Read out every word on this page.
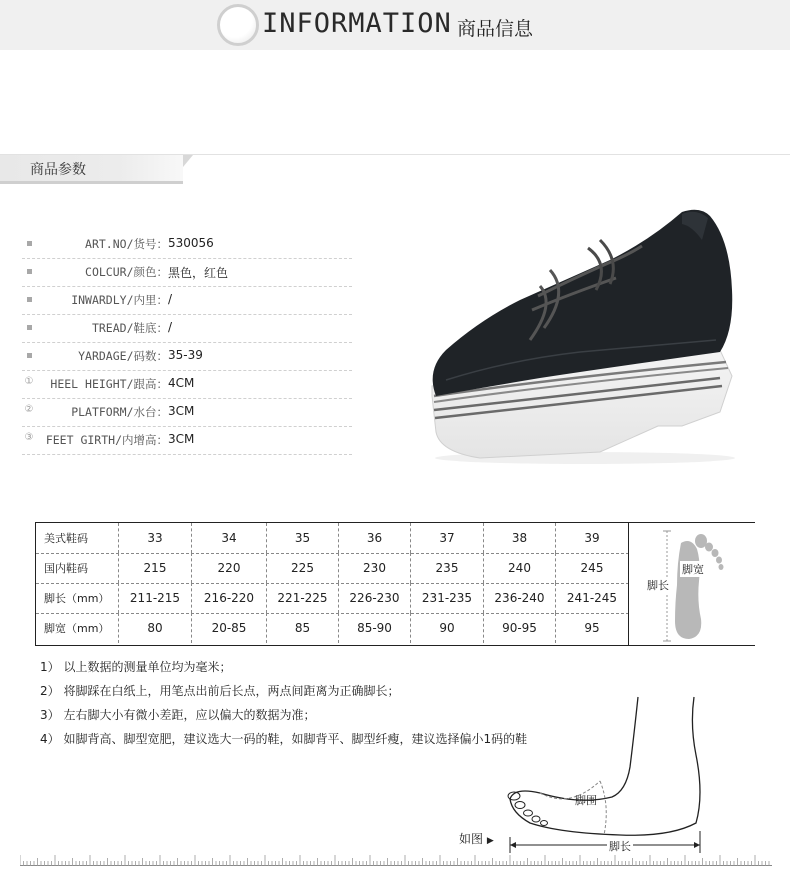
INFORMATION 商品信息
商品参数
ART.NO/货号： 530056
COLCUR/颜色： 黑色，红色
INWARDLY/内里： /
TREAD/鞋底： /
YARDAGE/码数： 35-39
① HEEL HEIGHT/跟高： 4CM
②	PLATFORM/水台： 3CM
③ FEET GIRTH/内增高： 3CM
美式鞋码	33	34	35	36	37	38	39
国内鞋码	215	220	225	230	235	240	245
脚长（mm）	211-215	216-220	221-225	226-230	231-235	236-240	241-245
脚宽（mm）	80	20-85	85	85-90	90	90-95	95
脚宽
脚长
1） 以上数据的测量单位均为毫米；
2） 将脚踩在白纸上，用笔点出前后长点，两点间距离为正确脚长；
3） 左右脚大小有微小差距，应以偏大的数据为准；
4） 如脚背高、脚型宽肥，建议选大一码的鞋，如脚背平、脚型纤瘦，建议选择偏小1码的鞋
脚围
脚长
如图 ▶
